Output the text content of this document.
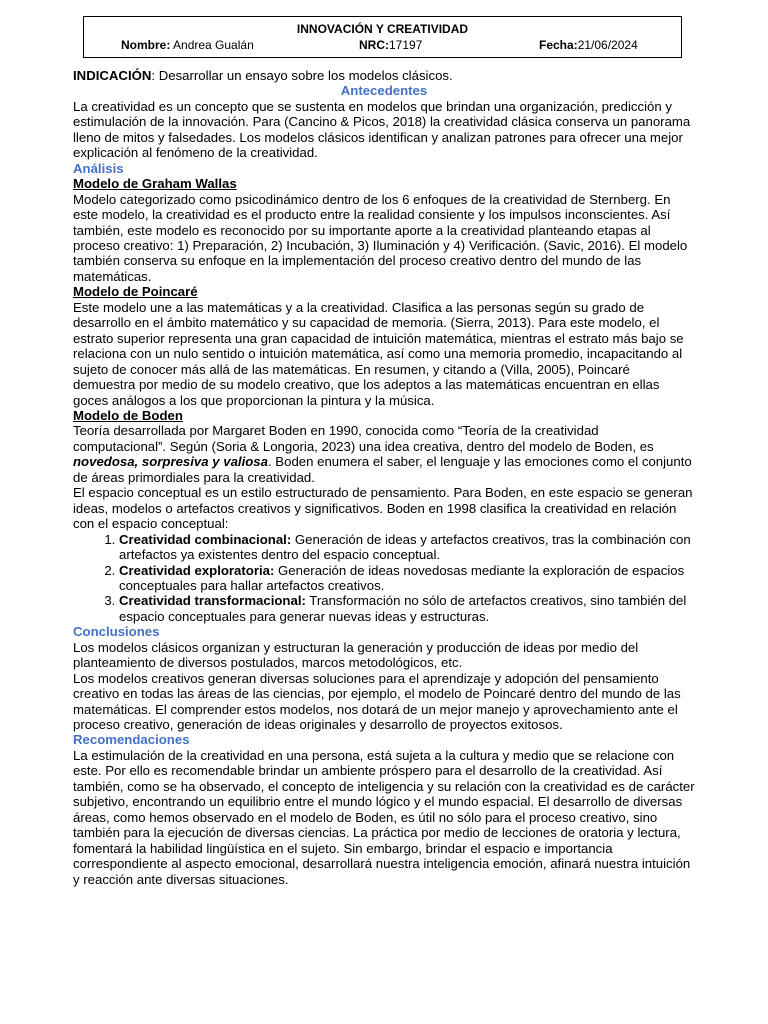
INNOVACIÓN Y CREATIVIDAD
Nombre: Andrea Gualán	NRC:17197	Fecha:21/06/2024

INDICACIÓN: Desarrollar un ensayo sobre los modelos clásicos.

Antecedentes

La creatividad es un concepto que se sustenta en modelos que brindan una organización, predicción y estimulación de la innovación. Para (Cancino & Picos, 2018) la creatividad clásica conserva un panorama lleno de mitos y falsedades. Los modelos clásicos identifican y analizan patrones para ofrecer una mejor explicación al fenómeno de la creatividad.

Análisis

Modelo de Graham Wallas

Modelo categorizado como psicodinámico dentro de los 6 enfoques de la creatividad de Sternberg. En este modelo, la creatividad es el producto entre la realidad consiente y los impulsos inconscientes. Así también, este modelo es reconocido por su importante aporte a la creatividad planteando etapas al proceso creativo: 1) Preparación, 2) Incubación, 3) Iluminación y 4) Verificación. (Savic, 2016). El modelo también conserva su enfoque en la implementación del proceso creativo dentro del mundo de las matemáticas.

Modelo de Poincaré

Este modelo une a las matemáticas y a la creatividad. Clasifica a las personas según su grado de desarrollo en el ámbito matemático y su capacidad de memoria. (Sierra, 2013). Para este modelo, el estrato superior representa una gran capacidad de intuición matemática, mientras el estrato más bajo se relaciona con un nulo sentido o intuición matemática, así como una memoria promedio, incapacitando al sujeto de conocer más allá de las matemáticas. En resumen, y citando a (Villa, 2005), Poincaré demuestra por medio de su modelo creativo, que los adeptos a las matemáticas encuentran en ellas goces análogos a los que proporcionan la pintura y la música.

Modelo de Boden

Teoría desarrollada por Margaret Boden en 1990, conocida como “Teoría de la creatividad computacional”. Según (Soria & Longoria, 2023) una idea creativa, dentro del modelo de Boden, es novedosa, sorpresiva y valiosa. Boden enumera el saber, el lenguaje y las emociones como el conjunto de áreas primordiales para la creatividad.

El espacio conceptual es un estilo estructurado de pensamiento. Para Boden, en este espacio se generan ideas, modelos o artefactos creativos y significativos. Boden en 1998 clasifica la creatividad en relación con el espacio conceptual:

1. Creatividad combinacional: Generación de ideas y artefactos creativos, tras la combinación con artefactos ya existentes dentro del espacio conceptual.
2. Creatividad exploratoria: Generación de ideas novedosas mediante la exploración de espacios conceptuales para hallar artefactos creativos.
3. Creatividad transformacional: Transformación no sólo de artefactos creativos, sino también del espacio conceptuales para generar nuevas ideas y estructuras.

Conclusiones

Los modelos clásicos organizan y estructuran la generación y producción de ideas por medio del planteamiento de diversos postulados, marcos metodológicos, etc.

Los modelos creativos generan diversas soluciones para el aprendizaje y adopción del pensamiento creativo en todas las áreas de las ciencias, por ejemplo, el modelo de Poincaré dentro del mundo de las matemáticas. El comprender estos modelos, nos dotará de un mejor manejo y aprovechamiento ante el proceso creativo, generación de ideas originales y desarrollo de proyectos exitosos.

Recomendaciones

La estimulación de la creatividad en una persona, está sujeta a la cultura y medio que se relacione con este. Por ello es recomendable brindar un ambiente próspero para el desarrollo de la creatividad. Así también, como se ha observado, el concepto de inteligencia y su relación con la creatividad es de carácter subjetivo, encontrando un equilibrio entre el mundo lógico y el mundo espacial. El desarrollo de diversas áreas, como hemos observado en el modelo de Boden, es útil no sólo para el proceso creativo, sino también para la ejecución de diversas ciencias. La práctica por medio de lecciones de oratoria y lectura, fomentará la habilidad lingüística en el sujeto. Sin embargo, brindar el espacio e importancia correspondiente al aspecto emocional, desarrollará nuestra inteligencia emoción, afinará nuestra intuición y reacción ante diversas situaciones.
